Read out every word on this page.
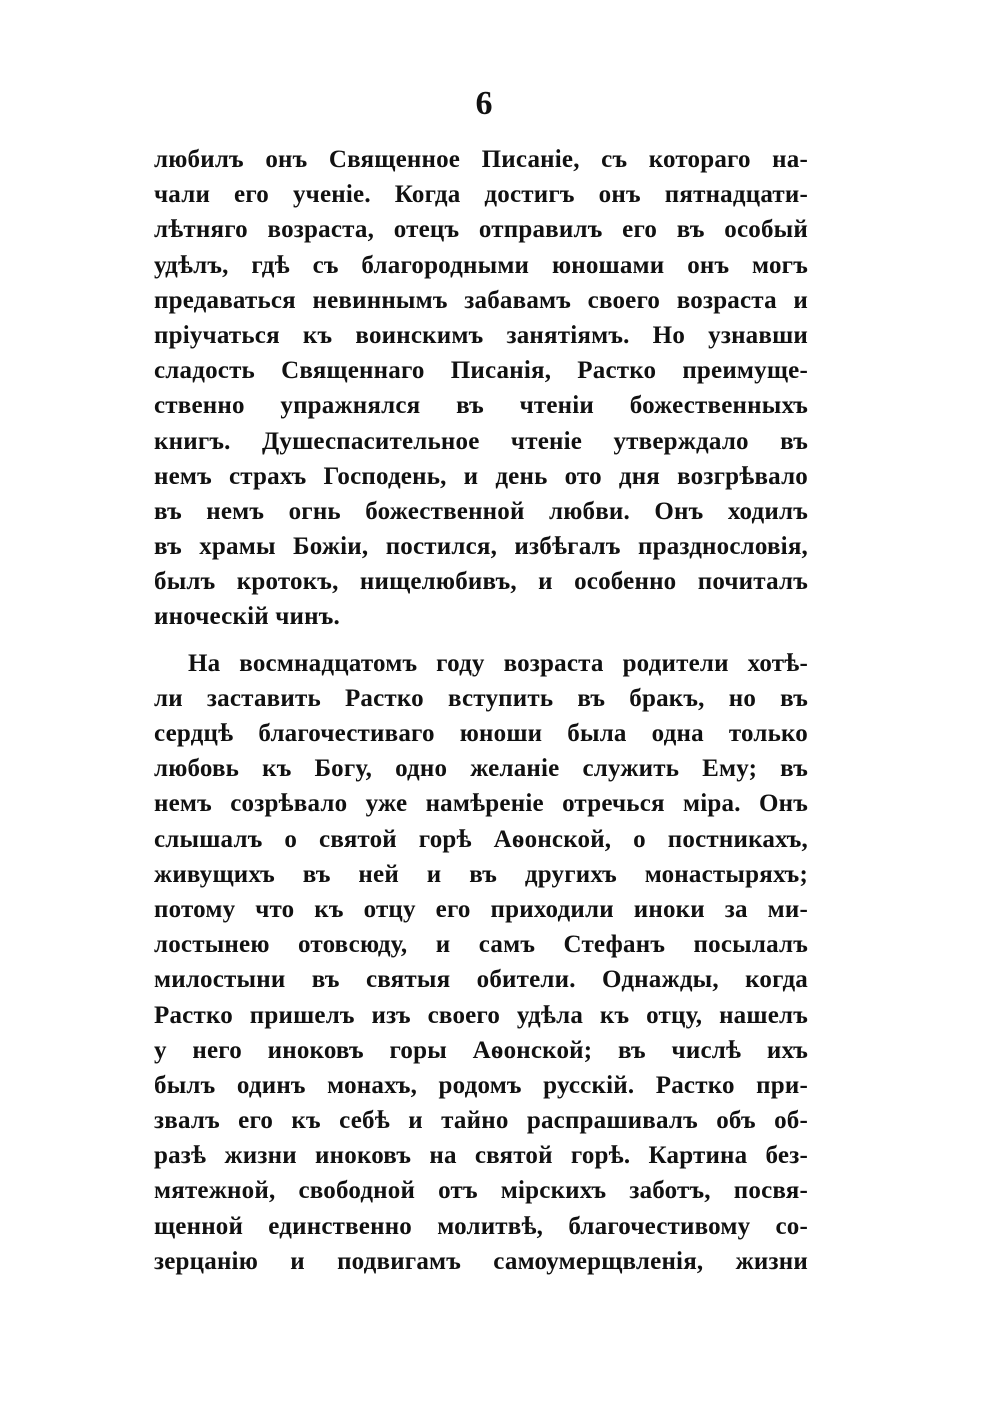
6
любилъ онъ Священное Писаніе, съ котораго на-
чали его ученіе. Когда достигъ онъ пятнадцати-
лѣтняго возраста, отецъ отправилъ его въ особый
удѣлъ, гдѣ съ благородными юношами онъ могъ
предаваться невиннымъ забавамъ своего возраста и
пріучаться къ воинскимъ занятіямъ. Но узнавши
сладость Священнаго Писанія, Растко преимуще-
ственно упражнялся въ чтеніи божественныхъ
книгъ. Душеспасительное чтеніе утверждало въ
немъ страхъ Господень, и день ото дня возгрѣвало
въ немъ огнь божественной любви. Онъ ходилъ
въ храмы Божіи, постился, избѣгалъ празднословія,
былъ кротокъ, нищелюбивъ, и особенно почиталъ
иноческій чинъ.
На восмнадцатомъ году возраста родители хотѣ-
ли заставить Растко вступить въ бракъ, но въ
сердцѣ благочестиваго юноши была одна только
любовь къ Богу, одно желаніе служить Ему; въ
немъ созрѣвало уже намѣреніе отречься міра. Онъ
слышалъ о святой горѣ Аѳонской, о постникахъ,
живущихъ въ ней и въ другихъ монастыряхъ;
потому что къ отцу его приходили иноки за ми-
лостынею отовсюду, и самъ Стефанъ посылалъ
милостыни въ святыя обители. Однажды, когда
Растко пришелъ изъ своего удѣла къ отцу, нашелъ
у него иноковъ горы Аѳонской; въ числѣ ихъ
былъ одинъ монахъ, родомъ русскій. Растко при-
звалъ его къ себѣ и тайно распрашивалъ объ об-
разѣ жизни иноковъ на святой горѣ. Картина без-
мятежной, свободной отъ мірскихъ заботъ, посвя-
щенной единственно молитвѣ, благочестивому со-
зерцанію и подвигамъ самоумерщвленія, жизни
